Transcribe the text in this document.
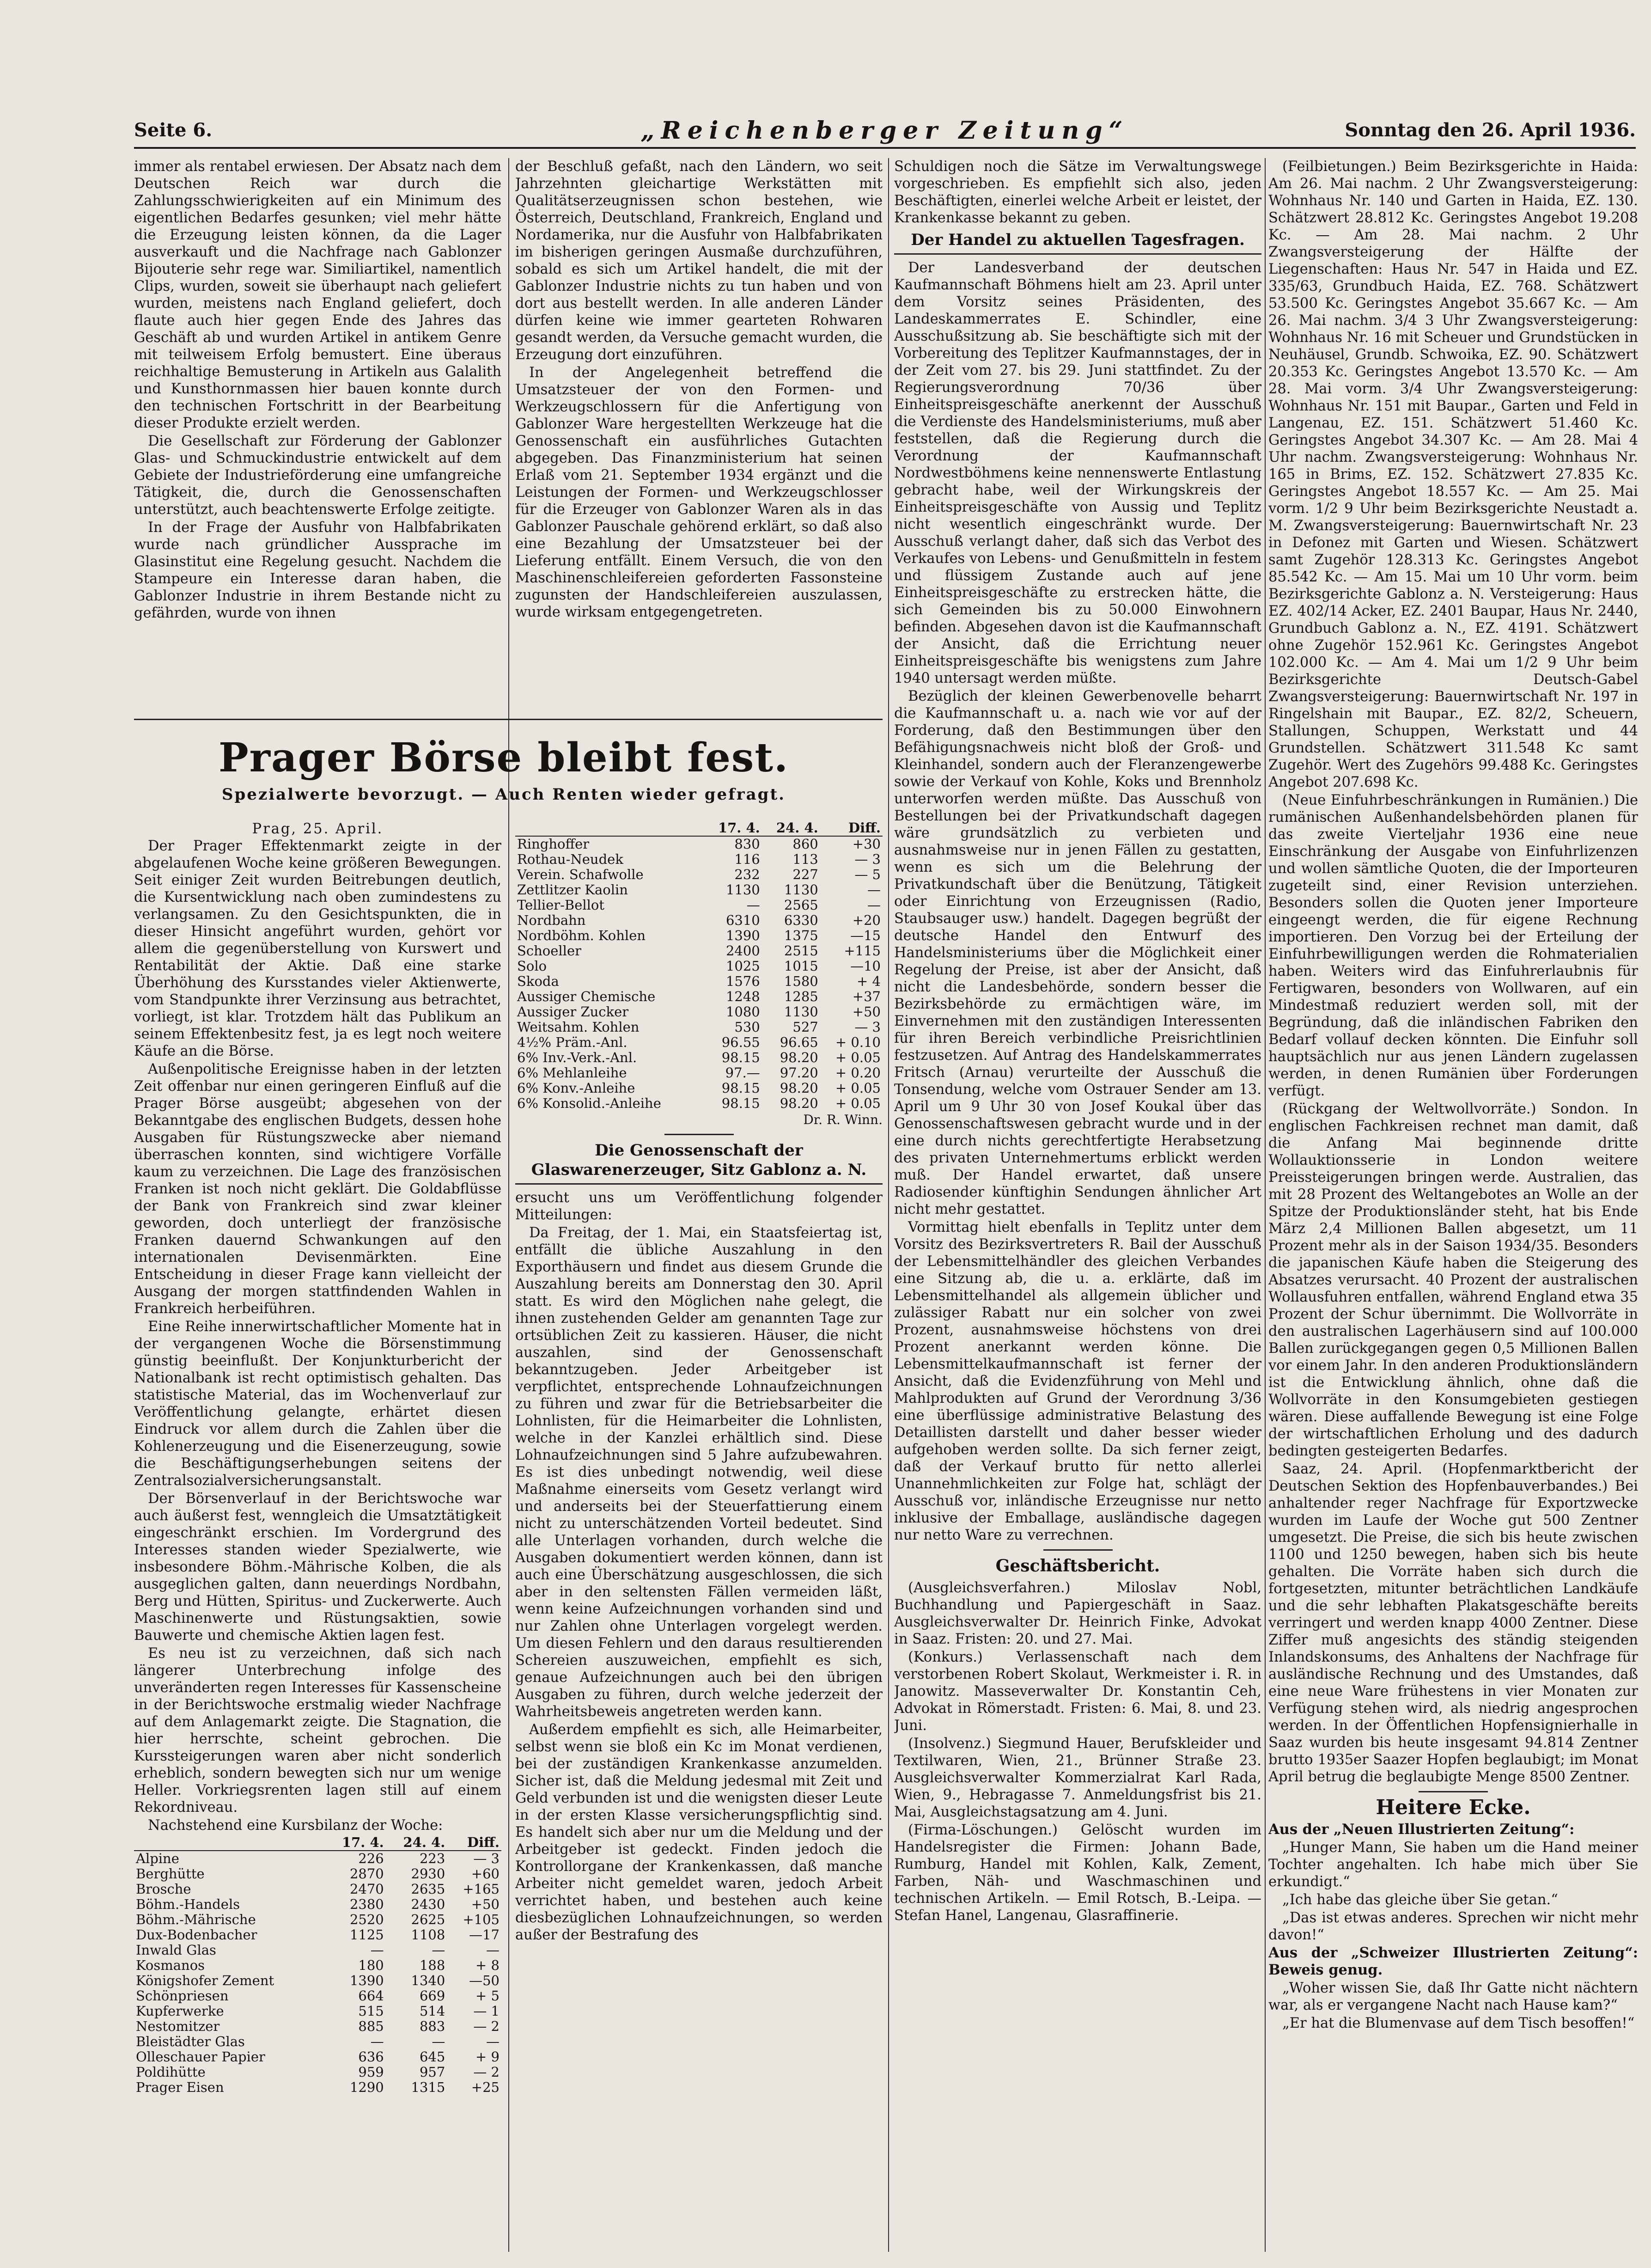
Seite 6.	„Reichenberger Zeitung“	Sonntag den 26. April 1936.

immer als rentabel erwiesen. Der Absatz nach dem Deutschen Reich war durch die Zahlungsschwierigkeiten auf ein Minimum des eigentlichen Bedarfes gesunken; viel mehr hätte die Erzeugung leisten können, da die Lager ausverkauft und die Nachfrage nach Gablonzer Bijouterie sehr rege war. Similiartikel, namentlich Clips, wurden, soweit sie überhaupt nach geliefert wurden, meistens nach England geliefert, doch flaute auch hier gegen Ende des Jahres das Geschäft ab und wurden Artikel in antikem Genre mit teilweisem Erfolg bemustert. Eine überaus reichhaltige Bemusterung in Artikeln aus Galalith und Kunsthornmassen hier bauen konnte durch den technischen Fortschritt in der Bearbeitung dieser Produkte erzielt werden.

Die Gesellschaft zur Förderung der Gablonzer Glas- und Schmuckindustrie entwickelt auf dem Gebiete der Industrieförderung eine umfangreiche Tätigkeit, die, durch die Genossenschaften unterstützt, auch beachtenswerte Erfolge zeitigte.

In der Frage der Ausfuhr von Halbfabrikaten wurde nach gründlicher Aussprache im Glasinstitut eine Regelung gesucht. Nachdem die Stampeure ein Interesse daran haben, die Gablonzer Industrie in ihrem Bestande nicht zu gefährden, wurde von ihnen

der Beschluß gefaßt, nach den Ländern, wo seit Jahrzehnten gleichartige Werkstätten mit Qualitätserzeugnissen schon bestehen, wie Österreich, Deutschland, Frankreich, England und Nordamerika, nur die Ausfuhr von Halbfabrikaten im bisherigen geringen Ausmaße durchzuführen, sobald es sich um Artikel handelt, die mit der Gablonzer Industrie nichts zu tun haben und von dort aus bestellt werden. In alle anderen Länder dürfen keine wie immer gearteten Rohwaren gesandt werden, da Versuche gemacht wurden, die Erzeugung dort einzuführen.

In der Angelegenheit betreffend die Umsatzsteuer der von den Formen- und Werkzeugschlossern für die Anfertigung von Gablonzer Ware hergestellten Werkzeuge hat die Genossenschaft ein ausführliches Gutachten abgegeben. Das Finanzministerium hat seinen Erlaß vom 21. September 1934 ergänzt und die Leistungen der Formen- und Werkzeugschlosser für die Erzeuger von Gablonzer Waren als in das Gablonzer Pauschale gehörend erklärt, so daß also eine Bezahlung der Umsatzsteuer bei der Lieferung entfällt. Einem Versuch, die von den Maschinenschleifereien geforderten Fassonsteine zugunsten der Handschleifereien auszulassen, wurde wirksam entgegengetreten.

Prager Börse bleibt fest.
Spezialwerte bevorzugt. — Auch Renten wieder gefragt.
Prag, 25. April.

Der Prager Effektenmarkt zeigte in der abgelaufenen Woche keine größeren Bewegungen. Seit einiger Zeit wurden Beitrebungen deutlich, die Kursentwicklung nach oben zumindestens zu verlangsamen. Zu den Gesichtspunkten, die in dieser Hinsicht angeführt wurden, gehört vor allem die gegenüberstellung von Kurswert und Rentabilität der Aktie. Daß eine starke Überhöhung des Kursstandes vieler Aktienwerte, vom Standpunkte ihrer Verzinsung aus betrachtet, vorliegt, ist klar. Trotzdem hält das Publikum an seinem Effektenbesitz fest, ja es legt noch weitere Käufe an die Börse.

Außenpolitische Ereignisse haben in der letzten Zeit offenbar nur einen geringeren Einfluß auf die Prager Börse ausgeübt; abgesehen von der Bekanntgabe des englischen Budgets, dessen hohe Ausgaben für Rüstungszwecke aber niemand überraschen konnten, sind wichtigere Vorfälle kaum zu verzeichnen. Die Lage des französischen Franken ist noch nicht geklärt. Die Goldabflüsse der Bank von Frankreich sind zwar kleiner geworden, doch unterliegt der französische Franken dauernd Schwankungen auf den internationalen Devisenmärkten. Eine Entscheidung in dieser Frage kann vielleicht der Ausgang der morgen stattfindenden Wahlen in Frankreich herbeiführen.

Eine Reihe innerwirtschaftlicher Momente hat in der vergangenen Woche die Börsenstimmung günstig beeinflußt. Der Konjunkturbericht der Nationalbank ist recht optimistisch gehalten. Das statistische Material, das im Wochenverlauf zur Veröffentlichung gelangte, erhärtet diesen Eindruck vor allem durch die Zahlen über die Kohlenerzeugung und die Eisenerzeugung, sowie die Beschäftigungserhebungen seitens der Zentralsozialversicherungsanstalt.

Der Börsenverlauf in der Berichtswoche war auch äußerst fest, wenngleich die Umsatztätigkeit eingeschränkt erschien. Im Vordergrund des Interesses standen wieder Spezialwerte, wie insbesondere Böhm.-Mährische Kolben, die als ausgeglichen galten, dann neuerdings Nordbahn, Berg und Hütten, Spiritus- und Zuckerwerte. Auch Maschinenwerte und Rüstungsaktien, sowie Bauwerte und chemische Aktien lagen fest.

Es neu ist zu verzeichnen, daß sich nach längerer Unterbrechung infolge des unveränderten regen Interesses für Kassenscheine in der Berichtswoche erstmalig wieder Nachfrage auf dem Anlagemarkt zeigte. Die Stagnation, die hier herrschte, scheint gebrochen. Die Kurssteigerungen waren aber nicht sonderlich erheblich, sondern bewegten sich nur um wenige Heller. Vorkriegsrenten lagen still auf einem Rekordniveau.

Nachstehend eine Kursbilanz der Woche:

	17. 4.	24. 4.	Diff.
Alpine	226	223	— 3
Berghütte	2870	2930	+60
Brosche	2470	2635	+165
Böhm.-Handels	2380	2430	+50
Böhm.-Mährische	2520	2625	+105
Dux-Bodenbacher	1125	1108	—17
Inwald Glas	—	—	—
Kosmanos	180	188	+ 8
Königshofer Zement	1390	1340	—50
Schönpriesen	664	669	+ 5
Kupferwerke	515	514	— 1
Nestomitzer	885	883	— 2
Bleistädter Glas	—	—	—
Olleschauer Papier	636	645	+ 9
Poldihütte	959	957	— 2
Prager Eisen	1290	1315	+25
	17. 4.	24. 4.	Diff.
Ringhoffer	830	860	+30
Rothau-Neudek	116	113	— 3
Verein. Schafwolle	232	227	— 5
Zettlitzer Kaolin	1130	1130	—
Tellier-Bellot	—	2565	—
Nordbahn	6310	6330	+20
Nordböhm. Kohlen	1390	1375	—15
Schoeller	2400	2515	+115
Solo	1025	1015	—10
Skoda	1576	1580	+ 4
Aussiger Chemische	1248	1285	+37
Aussiger Zucker	1080	1130	+50
Weitsahm. Kohlen	530	527	— 3
4½% Präm.-Anl.	96.55	96.65	+ 0.10
6% Inv.-Verk.-Anl.	98.15	98.20	+ 0.05
6% Mehlanleihe	97.—	97.20	+ 0.20
6% Konv.-Anleihe	98.15	98.20	+ 0.05
6% Konsolid.-Anleihe	98.15	98.20	+ 0.05
Dr. R. Winn.
Die Genossenschaft der Glaswarenerzeuger, Sitz Gablonz a. N.

ersucht uns um Veröffentlichung folgender Mitteilungen:

Da Freitag, der 1. Mai, ein Staatsfeiertag ist, entfällt die übliche Auszahlung in den Exporthäusern und findet aus diesem Grunde die Auszahlung bereits am Donnerstag den 30. April statt. Es wird den Möglichen nahe gelegt, die ihnen zustehenden Gelder am genannten Tage zur ortsüblichen Zeit zu kassieren. Häuser, die nicht auszahlen, sind der Genossenschaft bekanntzugeben. Jeder Arbeitgeber ist verpflichtet, entsprechende Lohnaufzeichnungen zu führen und zwar für die Betriebsarbeiter die Lohnlisten, für die Heimarbeiter die Lohnlisten, welche in der Kanzlei erhältlich sind. Diese Lohnaufzeichnungen sind 5 Jahre aufzubewahren. Es ist dies unbedingt notwendig, weil diese Maßnahme einerseits vom Gesetz verlangt wird und anderseits bei der Steuerfattierung einem nicht zu unterschätzenden Vorteil bedeutet. Sind alle Unterlagen vorhanden, durch welche die Ausgaben dokumentiert werden können, dann ist auch eine Überschätzung ausgeschlossen, die sich aber in den seltensten Fällen vermeiden läßt, wenn keine Aufzeichnungen vorhanden sind und nur Zahlen ohne Unterlagen vorgelegt werden. Um diesen Fehlern und den daraus resultierenden Schereien auszuweichen, empfiehlt es sich, genaue Aufzeichnungen auch bei den übrigen Ausgaben zu führen, durch welche jederzeit der Wahrheitsbeweis angetreten werden kann.

Außerdem empfiehlt es sich, alle Heimarbeiter, selbst wenn sie bloß ein Kc im Monat verdienen, bei der zuständigen Krankenkasse anzumelden. Sicher ist, daß die Meldung jedesmal mit Zeit und Geld verbunden ist und die wenigsten dieser Leute in der ersten Klasse versicherungspflichtig sind. Es handelt sich aber nur um die Meldung und der Arbeitgeber ist gedeckt. Finden jedoch die Kontrollorgane der Krankenkassen, daß manche Arbeiter nicht gemeldet waren, jedoch Arbeit verrichtet haben, und bestehen auch keine diesbezüglichen Lohnaufzeichnungen, so werden außer der Bestrafung des

Schuldigen noch die Sätze im Verwaltungswege vorgeschrieben. Es empfiehlt sich also, jeden Beschäftigten, einerlei welche Arbeit er leistet, der Krankenkasse bekannt zu geben.

Der Handel zu aktuellen Tagesfragen.

Der Landesverband der deutschen Kaufmannschaft Böhmens hielt am 23. April unter dem Vorsitz seines Präsidenten, des Landeskammerrates E. Schindler, eine Ausschußsitzung ab. Sie beschäftigte sich mit der Vorbereitung des Teplitzer Kaufmannstages, der in der Zeit vom 27. bis 29. Juni stattfindet. Zu der Regierungsverordnung 70/36 über Einheitspreisgeschäfte anerkennt der Ausschuß die Verdienste des Handelsministeriums, muß aber feststellen, daß die Regierung durch die Verordnung der Kaufmannschaft Nordwestböhmens keine nennenswerte Entlastung gebracht habe, weil der Wirkungskreis der Einheitspreisgeschäfte von Aussig und Teplitz nicht wesentlich eingeschränkt wurde. Der Ausschuß verlangt daher, daß sich das Verbot des Verkaufes von Lebens- und Genußmitteln in festem und flüssigem Zustande auch auf jene Einheitspreisgeschäfte zu erstrecken hätte, die sich Gemeinden bis zu 50.000 Einwohnern befinden. Abgesehen davon ist die Kaufmannschaft der Ansicht, daß die Errichtung neuer Einheitspreisgeschäfte bis wenigstens zum Jahre 1940 untersagt werden müßte.

Bezüglich der kleinen Gewerbenovelle beharrt die Kaufmannschaft u. a. nach wie vor auf der Forderung, daß den Bestimmungen über den Befähigungsnachweis nicht bloß der Groß- und Kleinhandel, sondern auch der Fleranzengewerbe sowie der Verkauf von Kohle, Koks und Brennholz unterworfen werden müßte. Das Ausschuß von Bestellungen bei der Privatkundschaft dagegen wäre grundsätzlich zu verbieten und ausnahmsweise nur in jenen Fällen zu gestatten, wenn es sich um die Belehrung der Privatkundschaft über die Benützung, Tätigkeit oder Einrichtung von Erzeugnissen (Radio, Staubsauger usw.) handelt. Dagegen begrüßt der deutsche Handel den Entwurf des Handelsministeriums über die Möglichkeit einer Regelung der Preise, ist aber der Ansicht, daß nicht die Landesbehörde, sondern besser die Bezirksbehörde zu ermächtigen wäre, im Einvernehmen mit den zuständigen Interessenten für ihren Bereich verbindliche Preisrichtlinien festzusetzen. Auf Antrag des Handelskammerrates Fritsch (Arnau) verurteilte der Ausschuß die Tonsendung, welche vom Ostrauer Sender am 13. April um 9 Uhr 30 von Josef Koukal über das Genossenschaftswesen gebracht wurde und in der eine durch nichts gerechtfertigte Herabsetzung des privaten Unternehmertums erblickt werden muß. Der Handel erwartet, daß unsere Radiosender künftighin Sendungen ähnlicher Art nicht mehr gestattet.

Vormittag hielt ebenfalls in Teplitz unter dem Vorsitz des Bezirksvertreters R. Bail der Ausschuß der Lebensmittelhändler des gleichen Verbandes eine Sitzung ab, die u. a. erklärte, daß im Lebensmittelhandel als allgemein üblicher und zulässiger Rabatt nur ein solcher von zwei Prozent, ausnahmsweise höchstens von drei Prozent anerkannt werden könne. Die Lebensmittelkaufmannschaft ist ferner der Ansicht, daß die Evidenzführung von Mehl und Mahlprodukten auf Grund der Verordnung 3/36 eine überflüssige administrative Belastung des Detaillisten darstellt und daher besser wieder aufgehoben werden sollte. Da sich ferner zeigt, daß der Verkauf brutto für netto allerlei Unannehmlichkeiten zur Folge hat, schlägt der Ausschuß vor, inländische Erzeugnisse nur netto inklusive der Emballage, ausländische dagegen nur netto Ware zu verrechnen.

Geschäftsbericht.

(Ausgleichsverfahren.) Miloslav Nobl, Buchhandlung und Papiergeschäft in Saaz. Ausgleichsverwalter Dr. Heinrich Finke, Advokat in Saaz. Fristen: 20. und 27. Mai.

(Konkurs.) Verlassenschaft nach dem verstorbenen Robert Skolaut, Werkmeister i. R. in Janowitz. Masseverwalter Dr. Konstantin Ceh, Advokat in Römerstadt. Fristen: 6. Mai, 8. und 23. Juni.

(Insolvenz.) Siegmund Hauer, Berufskleider und Textilwaren, Wien, 21., Brünner Straße 23. Ausgleichsverwalter Kommerzialrat Karl Rada, Wien, 9., Hebragasse 7. Anmeldungsfrist bis 21. Mai, Ausgleichstagsatzung am 4. Juni.

(Firma-Löschungen.) Gelöscht wurden im Handelsregister die Firmen: Johann Bade, Rumburg, Handel mit Kohlen, Kalk, Zement, Farben, Näh- und Waschmaschinen und technischen Artikeln. — Emil Rotsch, B.-Leipa. — Stefan Hanel, Langenau, Glasraffinerie.

(Feilbietungen.) Beim Bezirksgerichte in Haida: Am 26. Mai nachm. 2 Uhr Zwangsversteigerung: Wohnhaus Nr. 140 und Garten in Haida, EZ. 130. Schätzwert 28.812 Kc. Geringstes Angebot 19.208 Kc. — Am 28. Mai nachm. 2 Uhr Zwangsversteigerung der Hälfte der Liegenschaften: Haus Nr. 547 in Haida und EZ. 335/63, Grundbuch Haida, EZ. 768. Schätzwert 53.500 Kc. Geringstes Angebot 35.667 Kc. — Am 26. Mai nachm. 3/4 3 Uhr Zwangsversteigerung: Wohnhaus Nr. 16 mit Scheuer und Grundstücken in Neuhäusel, Grundb. Schwoika, EZ. 90. Schätzwert 20.353 Kc. Geringstes Angebot 13.570 Kc. — Am 28. Mai vorm. 3/4 Uhr Zwangsversteigerung: Wohnhaus Nr. 151 mit Baupar., Garten und Feld in Langenau, EZ. 151. Schätzwert 51.460 Kc. Geringstes Angebot 34.307 Kc. — Am 28. Mai 4 Uhr nachm. Zwangsversteigerung: Wohnhaus Nr. 165 in Brims, EZ. 152. Schätzwert 27.835 Kc. Geringstes Angebot 18.557 Kc. — Am 25. Mai vorm. 1/2 9 Uhr beim Bezirksgerichte Neustadt a. M. Zwangsversteigerung: Bauernwirtschaft Nr. 23 in Defonez mit Garten und Wiesen. Schätzwert samt Zugehör 128.313 Kc. Geringstes Angebot 85.542 Kc. — Am 15. Mai um 10 Uhr vorm. beim Bezirksgerichte Gablonz a. N. Versteigerung: Haus EZ. 402/14 Acker, EZ. 2401 Baupar, Haus Nr. 2440, Grundbuch Gablonz a. N., EZ. 4191. Schätzwert ohne Zugehör 152.961 Kc. Geringstes Angebot 102.000 Kc. — Am 4. Mai um 1/2 9 Uhr beim Bezirksgerichte Deutsch-Gabel Zwangsversteigerung: Bauernwirtschaft Nr. 197 in Ringelshain mit Baupar., EZ. 82/2, Scheuern, Stallungen, Schuppen, Werkstatt und 44 Grundstellen. Schätzwert 311.548 Kc samt Zugehör. Wert des Zugehörs 99.488 Kc. Geringstes Angebot 207.698 Kc.

(Neue Einfuhrbeschränkungen in Rumänien.) Die rumänischen Außenhandelsbehörden planen für das zweite Vierteljahr 1936 eine neue Einschränkung der Ausgabe von Einfuhrlizenzen und wollen sämtliche Quoten, die der Importeuren zugeteilt sind, einer Revision unterziehen. Besonders sollen die Quoten jener Importeure eingeengt werden, die für eigene Rechnung importieren. Den Vorzug bei der Erteilung der Einfuhrbewilligungen werden die Rohmaterialien haben. Weiters wird das Einfuhrerlaubnis für Fertigwaren, besonders von Wollwaren, auf ein Mindestmaß reduziert werden soll, mit der Begründung, daß die inländischen Fabriken den Bedarf vollauf decken könnten. Die Einfuhr soll hauptsächlich nur aus jenen Ländern zugelassen werden, in denen Rumänien über Forderungen verfügt.

(Rückgang der Weltwollvorräte.) Sondon. In englischen Fachkreisen rechnet man damit, daß die Anfang Mai beginnende dritte Wollauktionsserie in London weitere Preissteigerungen bringen werde. Australien, das mit 28 Prozent des Weltangebotes an Wolle an der Spitze der Produktionsländer steht, hat bis Ende März 2,4 Millionen Ballen abgesetzt, um 11 Prozent mehr als in der Saison 1934/35. Besonders die japanischen Käufe haben die Steigerung des Absatzes verursacht. 40 Prozent der australischen Wollausfuhren entfallen, während England etwa 35 Prozent der Schur übernimmt. Die Wollvorräte in den australischen Lagerhäusern sind auf 100.000 Ballen zurückgegangen gegen 0,5 Millionen Ballen vor einem Jahr. In den anderen Produktionsländern ist die Entwicklung ähnlich, ohne daß die Wollvorräte in den Konsumgebieten gestiegen wären. Diese auffallende Bewegung ist eine Folge der wirtschaftlichen Erholung und des dadurch bedingten gesteigerten Bedarfes.

Saaz, 24. April. (Hopfenmarktbericht der Deutschen Sektion des Hopfenbauverbandes.) Bei anhaltender reger Nachfrage für Exportzwecke wurden im Laufe der Woche gut 500 Zentner umgesetzt. Die Preise, die sich bis heute zwischen 1100 und 1250 bewegen, haben sich bis heute gehalten. Die Vorräte haben sich durch die fortgesetzten, mitunter beträchtlichen Landkäufe und die sehr lebhaften Plakatsgeschäfte bereits verringert und werden knapp 4000 Zentner. Diese Ziffer muß angesichts des ständig steigenden Inlandskonsums, des Anhaltens der Nachfrage für ausländische Rechnung und des Umstandes, daß eine neue Ware frühestens in vier Monaten zur Verfügung stehen wird, als niedrig angesprochen werden. In der Öffentlichen Hopfensignierhalle in Saaz wurden bis heute insgesamt 94.814 Zentner brutto 1935er Saazer Hopfen beglaubigt; im Monat April betrug die beglaubigte Menge 8500 Zentner.

Heitere Ecke.

Aus der „Neuen Illustrierten Zeitung“:

„Hunger Mann, Sie haben um die Hand meiner Tochter angehalten. Ich habe mich über Sie erkundigt.“

„Ich habe das gleiche über Sie getan.“

„Das ist etwas anderes. Sprechen wir nicht mehr davon!“

Aus der „Schweizer Illustrierten Zeitung“: Beweis genug.

„Woher wissen Sie, daß Ihr Gatte nicht nächtern war, als er vergangene Nacht nach Hause kam?“

„Er hat die Blumenvase auf dem Tisch besoffen!“
